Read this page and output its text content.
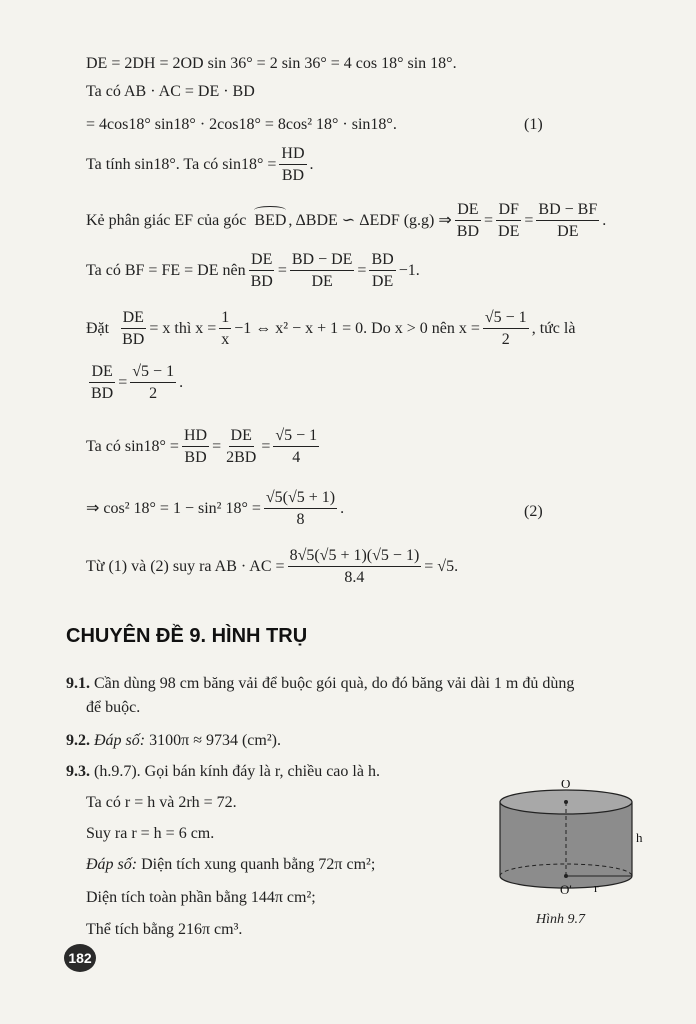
DE = 2DH = 2OD sin 36° = 2 sin 36° = 4 cos 18° sin 18°.
Ta có AB · AC = DE · BD
= 4cos18° sin18° · 2cos18° = 8cos² 18° · sin18°.	(1)
Ta tính sin18°. Ta có $\sin 18^\circ = \frac{HD}{BD}$ .
Kẻ phân giác EF của góc BED , ΔBDE ∽ ΔEDF (g.g) ⇒ $\frac{DE}{BD} = \frac{DF}{DE} = \frac{BD - BF}{DE}$ .
Ta có BF = FE = DE nên $\frac{DE}{BD} = \frac{BD - DE}{DE} = \frac{BD}{DE} -1$.
Đặt $\frac{DE}{BD} = x$ thì $x = \frac{1}{x} -1$ ⇔ x² − x + 1 = 0. Do x > 0 nên $x = \frac{√5 - 1}{2}$ , tức là
$\frac{DE}{BD} = \frac{√5 - 1}{2}$ .
Ta có $\sin 18^\circ = \frac{HD}{BD} = \frac{DE}{2BD} = \frac{√5 - 1}{4}$
⇒ cos² 18° = 1 − sin² $18^\circ = \frac{√5(√5 + 1)}{8}$ .	(2)
Từ (1) và (2) suy ra AB · AC = $\frac{8√5(√5 + 1)(√5 - 1)}{8.4} = √5$.
CHUYÊN ĐỀ 9. HÌNH TRỤ
9.1.
Cần dùng 98 cm băng vải để buộc gói quà, do đó băng vải dài 1 m đủ dùng
để buộc.
9.2.
Đáp số:
3100π ≈ 9734 (cm²).
9.3.
(h.9.7). Gọi bán kính đáy là r, chiều cao là h.
Ta có r = h và 2rh = 72.
Suy ra r = h = 6 cm.
Đáp số:
Diện tích xung quanh bằng 72π cm²;
Diện tích toàn phần bằng 144π cm²;
Thể tích bằng 216π cm³.
O
O'
h
r
Hình 9.7
182
